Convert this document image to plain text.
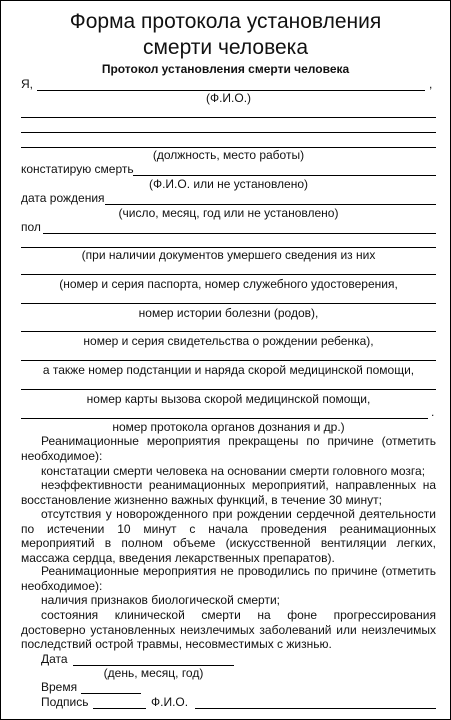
Форма протокола установления
смерти человека
Протокол установления смерти человека
Я,	,
(Ф.И.О.)
(должность, место работы)
констатирую смерть
(Ф.И.О. или не установлено)
дата рождения
(число, месяц, год или не установлено)
пол
(при наличии документов умершего сведения из них
(номер и серия паспорта, номер служебного удостоверения,
номер истории болезни (родов),
номер и серия свидетельства о рождении ребенка),
а также номер подстанции и наряда скорой медицинской помощи,
номер карты вызова скорой медицинской помощи,
.
номер протокола органов дознания и др.)
Реанимационные мероприятия прекращены по причине (отметить необходимое):
констатации смерти человека на основании смерти головного мозга;
неэффективности реанимационных мероприятий, направленных на восстановление жизненно важных функций, в течение 30 минут;
отсутствия у новорожденного при рождении сердечной деятельности по истечении 10 минут с начала проведения реанимационных мероприятий в полном объеме (искусственной вентиляции легких, массажа сердца, введения лекарственных препаратов).
Реанимационные мероприятия не проводились по причине (отметить необходимое):
наличия признаков биологической смерти;
состояния клинической смерти на фоне прогрессирования достоверно установленных неизлечимых заболеваний или неизлечимых последствий острой травмы, несовместимых с жизнью.
Дата
(день, месяц, год)
Время
Подпись	Ф.И.О.
